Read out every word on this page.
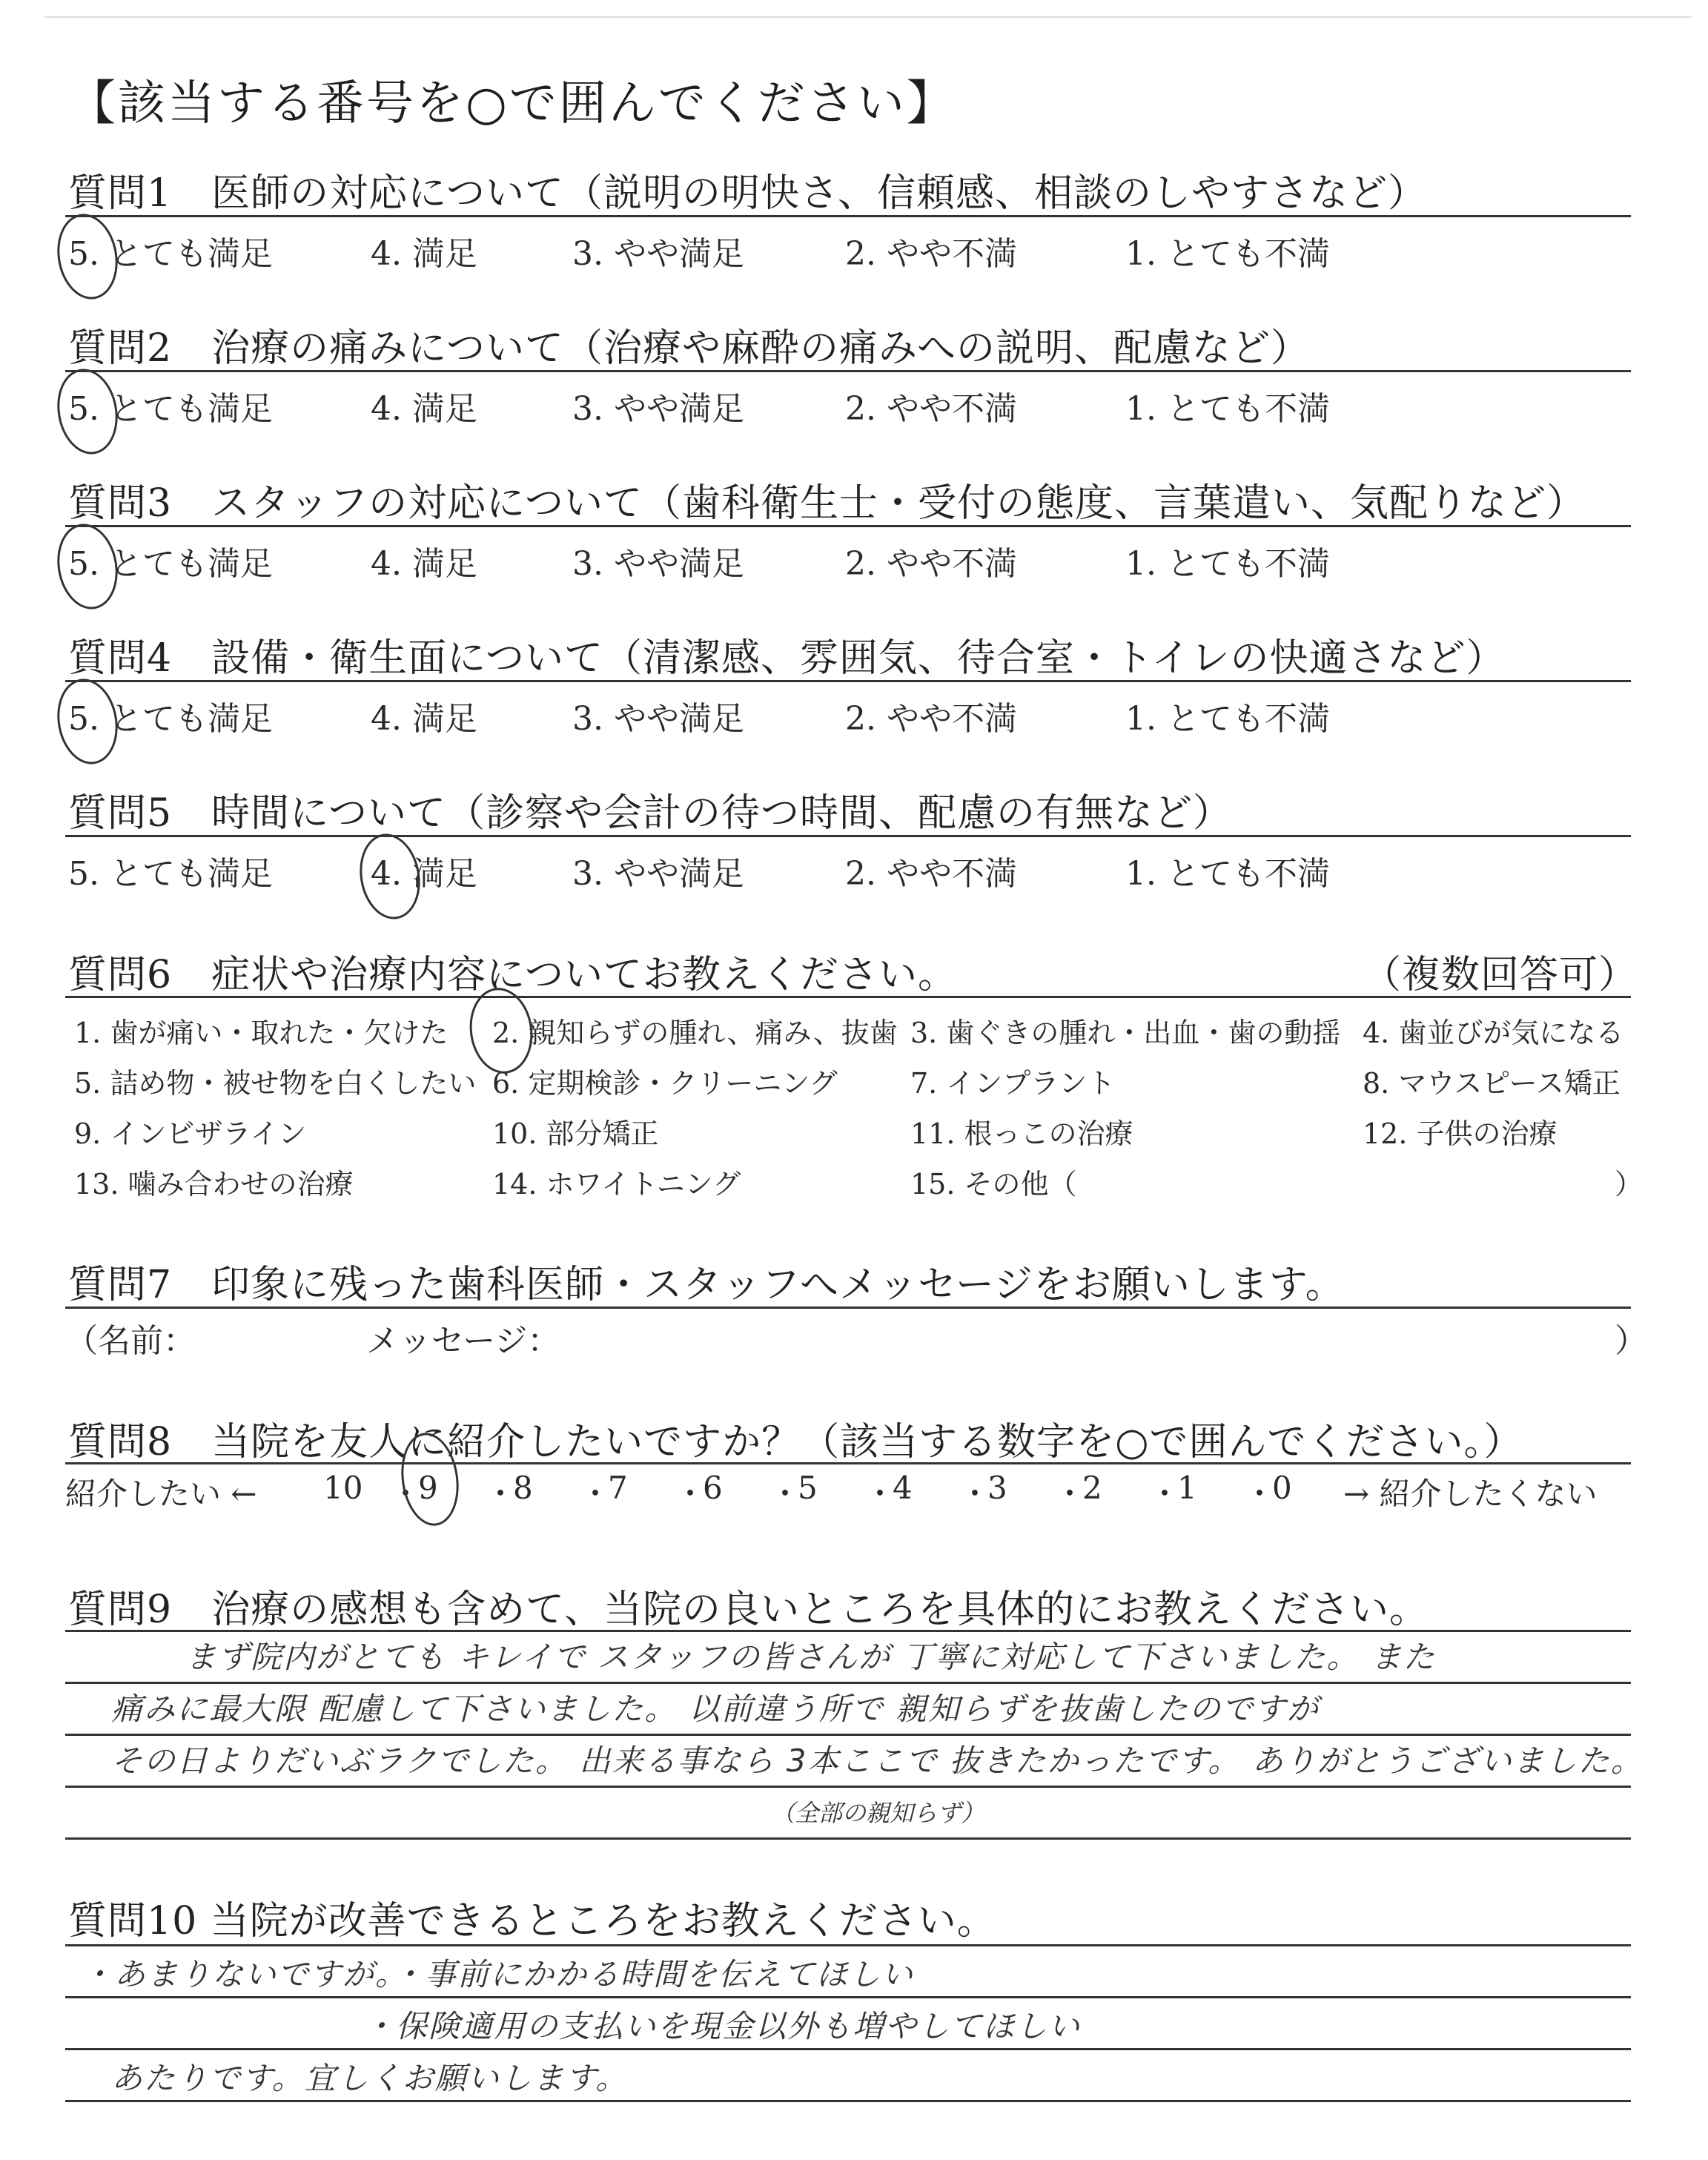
【該当する番号を○で囲んでください】
質問1　医師の対応について（説明の明快さ、信頼感、相談のしやすさなど）
5. とても満足	4. 満足	3. やや満足	2. やや不満	1. とても不満
質問2　治療の痛みについて（治療や麻酔の痛みへの説明、配慮など）
5. とても満足	4. 満足	3. やや満足	2. やや不満	1. とても不満
質問3　スタッフの対応について（歯科衛生士・受付の態度、言葉遣い、気配りなど）
5. とても満足	4. 満足	3. やや満足	2. やや不満	1. とても不満
質問4　設備・衛生面について（清潔感、雰囲気、待合室・トイレの快適さなど）
5. とても満足	4. 満足	3. やや満足	2. やや不満	1. とても不満
質問5　時間について（診察や会計の待つ時間、配慮の有無など）
5. とても満足	4. 満足	3. やや満足	2. やや不満	1. とても不満
質問6　症状や治療内容についてお教えください。	（複数回答可）
1. 歯が痛い・取れた・欠けた 2. 親知らずの腫れ、痛み、抜歯 3. 歯ぐきの腫れ・出血・歯の動揺 4. 歯並びが気になる
5. 詰め物・被せ物を白くしたい 6. 定期検診・クリーニング	7. インプラント	8. マウスピース矯正
9. インビザライン	10. 部分矯正	11. 根っこの治療	12. 子供の治療
13. 噛み合わせの治療	14. ホワイトニング	15. その他（	）
質問7　印象に残った歯科医師・スタッフへメッセージをお願いします。
（名前：	メッセージ：	）
質問8　当院を友人に紹介したいですか？（該当する数字を○で囲んでください。）
紹介したい ←	→ 紹介したくない
10 ・
9 ・
8 ・
7 ・
6 ・
5 ・
4 ・
3 ・
2 ・
1 ・
0
質問9　治療の感想も含めて、当院の良いところを具体的にお教えください。
まず院内がとても キレイで スタッフの皆さんが 丁寧に対応して下さいました。 また
痛みに最大限 配慮して下さいました。 以前違う所で 親知らずを抜歯したのですが
その日よりだいぶラクでした。 出来る事なら 3本ここで 抜きたかったです。 ありがとうございました。
（全部の親知らず）
質問10 当院が改善できるところをお教えください。
・あまりないですが。・事前にかかる時間を伝えてほしい
・保険適用の支払いを現金以外も増やしてほしい
あたりです。宜しくお願いします。
